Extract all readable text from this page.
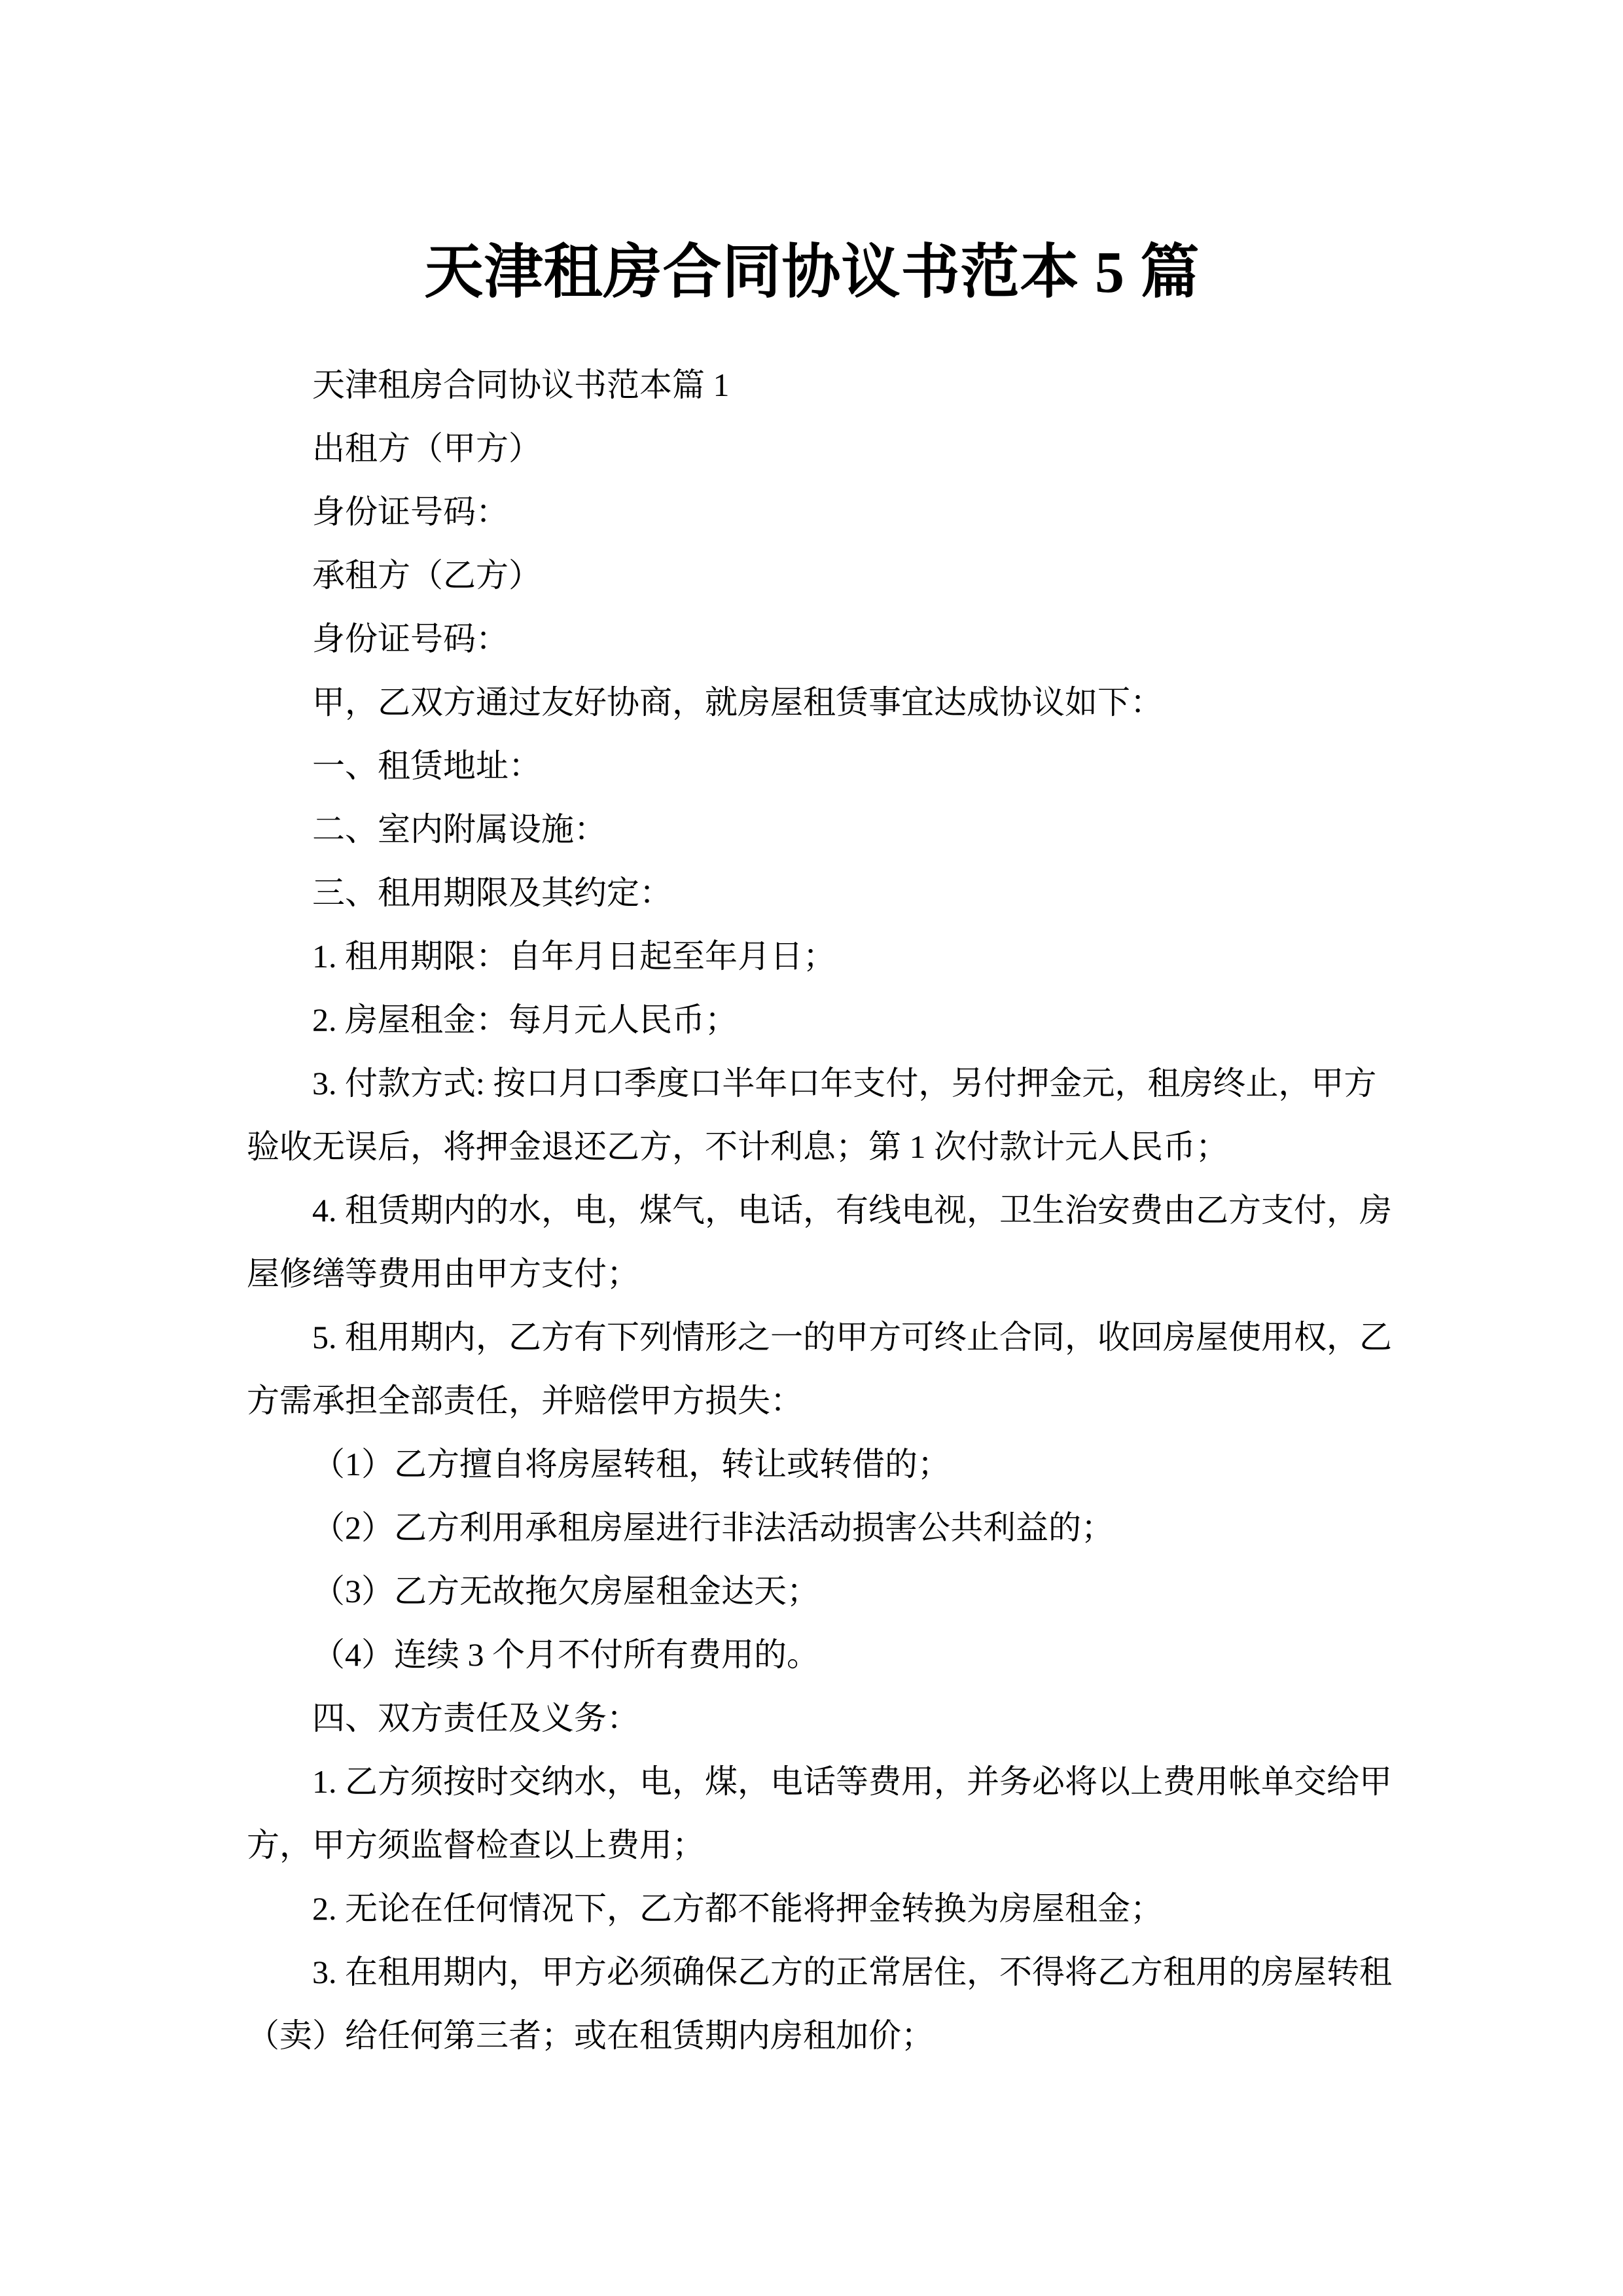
天津租房合同协议书范本 5 篇
天津租房合同协议书范本篇 1
出租方（甲方）
身份证号码：
承租方（乙方）
身份证号码：
甲，乙双方通过友好协商，就房屋租赁事宜达成协议如下：
一、租赁地址：
二、室内附属设施：
三、租用期限及其约定：
1. 租用期限：自年月日起至年月日；
2. 房屋租金：每月元人民币；
3. 付款方式: 按口月口季度口半年口年支付，另付押金元，租房终止，甲方
验收无误后，将押金退还乙方，不计利息；第 1 次付款计元人民币；
4. 租赁期内的水，电，煤气，电话，有线电视，卫生治安费由乙方支付，房
屋修缮等费用由甲方支付；
5. 租用期内，乙方有下列情形之一的甲方可终止合同，收回房屋使用权，乙
方需承担全部责任，并赔偿甲方损失：
（1）乙方擅自将房屋转租，转让或转借的；
（2）乙方利用承租房屋进行非法活动损害公共利益的；
（3）乙方无故拖欠房屋租金达天；
（4）连续 3 个月不付所有费用的。
四、双方责任及义务：
1. 乙方须按时交纳水，电，煤，电话等费用，并务必将以上费用帐单交给甲
方，甲方须监督检查以上费用；
2. 无论在任何情况下，乙方都不能将押金转换为房屋租金；
3. 在租用期内，甲方必须确保乙方的正常居住，不得将乙方租用的房屋转租
（卖）给任何第三者；或在租赁期内房租加价；
